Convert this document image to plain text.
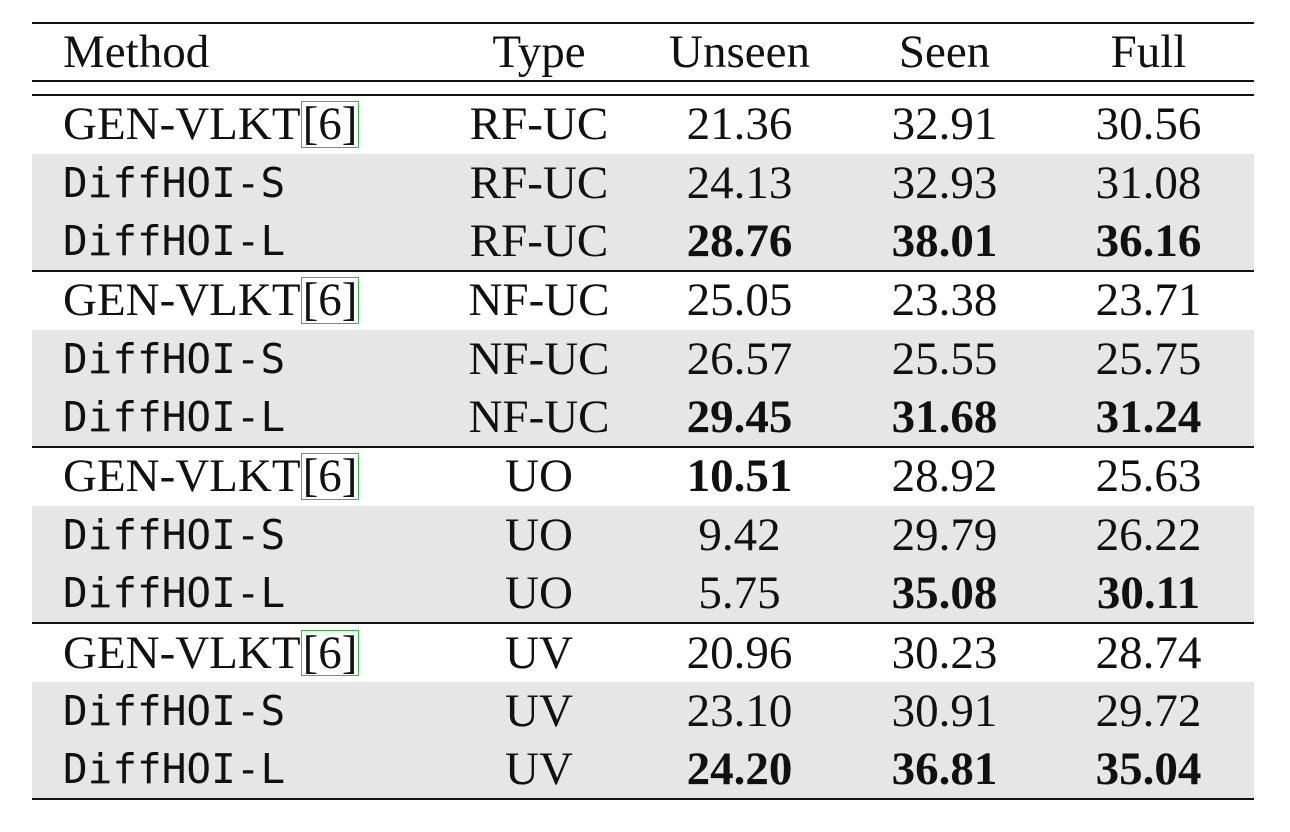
Method	Type	Unseen	Seen	Full

GEN-VLKT[6]	RF-UC	21.36	32.91	30.56
DiffHOI-S	RF-UC	24.13	32.93	31.08
DiffHOI-L	RF-UC	28.76	38.01	36.16
GEN-VLKT[6]	NF-UC	25.05	23.38	23.71
DiffHOI-S	NF-UC	26.57	25.55	25.75
DiffHOI-L	NF-UC	29.45	31.68	31.24
GEN-VLKT[6]	UO	10.51	28.92	25.63
DiffHOI-S	UO	9.42	29.79	26.22
DiffHOI-L	UO	5.75	35.08	30.11
GEN-VLKT[6]	UV	20.96	30.23	28.74
DiffHOI-S	UV	23.10	30.91	29.72
DiffHOI-L	UV	24.20	36.81	35.04
